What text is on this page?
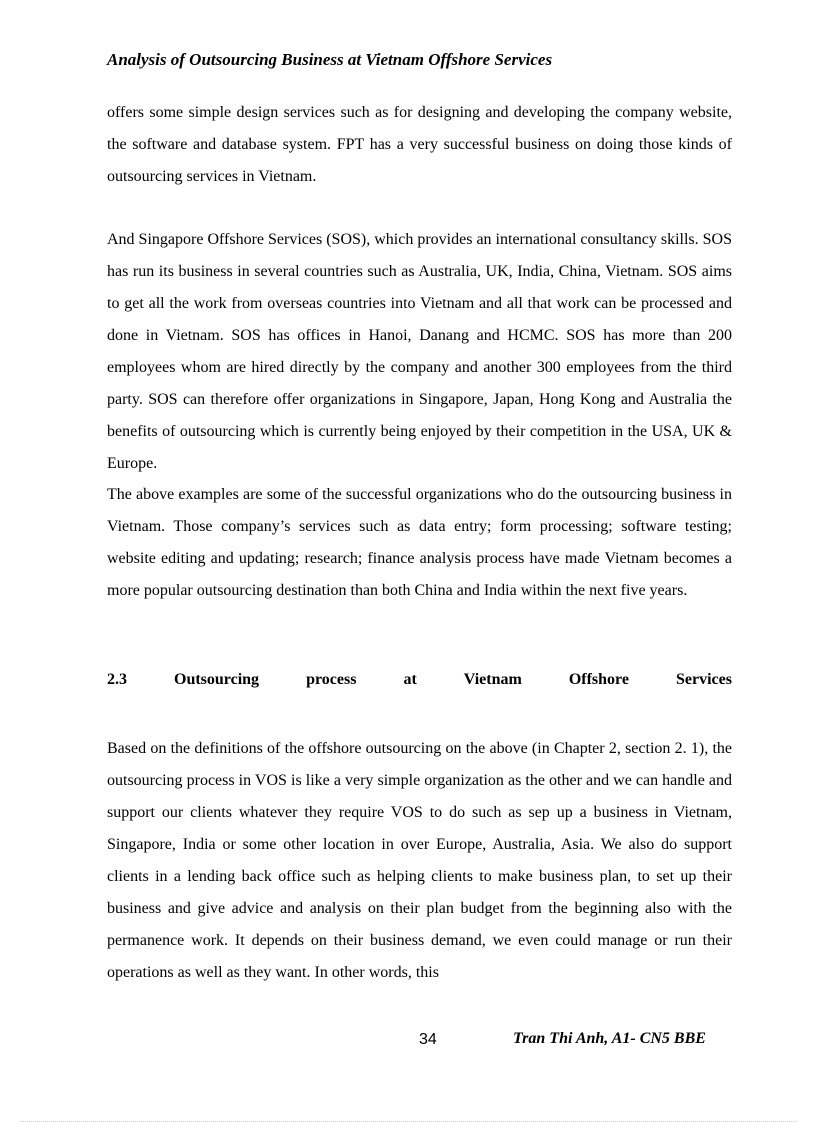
Analysis of Outsourcing Business at Vietnam Offshore Services

offers some simple design services such as for designing and developing the company website, the software and database system. FPT has a very successful business on doing those kinds of outsourcing services in Vietnam.

And Singapore Offshore Services (SOS), which provides an international consultancy skills. SOS has run its business in several countries such as Australia, UK, India, China, Vietnam. SOS aims to get all the work from overseas countries into Vietnam and all that work can be processed and done in Vietnam. SOS has offices in Hanoi, Danang and HCMC. SOS has more than 200 employees whom are hired directly by the company and another 300 employees from the third party. SOS can therefore offer organizations in Singapore, Japan, Hong Kong and Australia the benefits of outsourcing which is currently being enjoyed by their competition in the USA, UK & Europe.

The above examples are some of the successful organizations who do the outsourcing business in Vietnam. Those company’s services such as data entry; form processing; software testing; website editing and updating; research; finance analysis process have made Vietnam becomes a more popular outsourcing destination than both China and India within the next five years.

2.3	Outsourcing	process	at	Vietnam	Offshore	Services

Based on the definitions of the offshore outsourcing on the above (in Chapter 2, section 2. 1), the outsourcing process in VOS is like a very simple organization as the other and we can handle and support our clients whatever they require VOS to do such as sep up a business in Vietnam, Singapore, India or some other location in over Europe, Australia, Asia. We also do support clients in a lending back office such as helping clients to make business plan, to set up their business and give advice and analysis on their plan budget from the beginning also with the permanence work. It depends on their business demand, we even could manage or run their operations as well as they want. In other words, this

34	Tran Thi Anh, A1- CN5 BBE
